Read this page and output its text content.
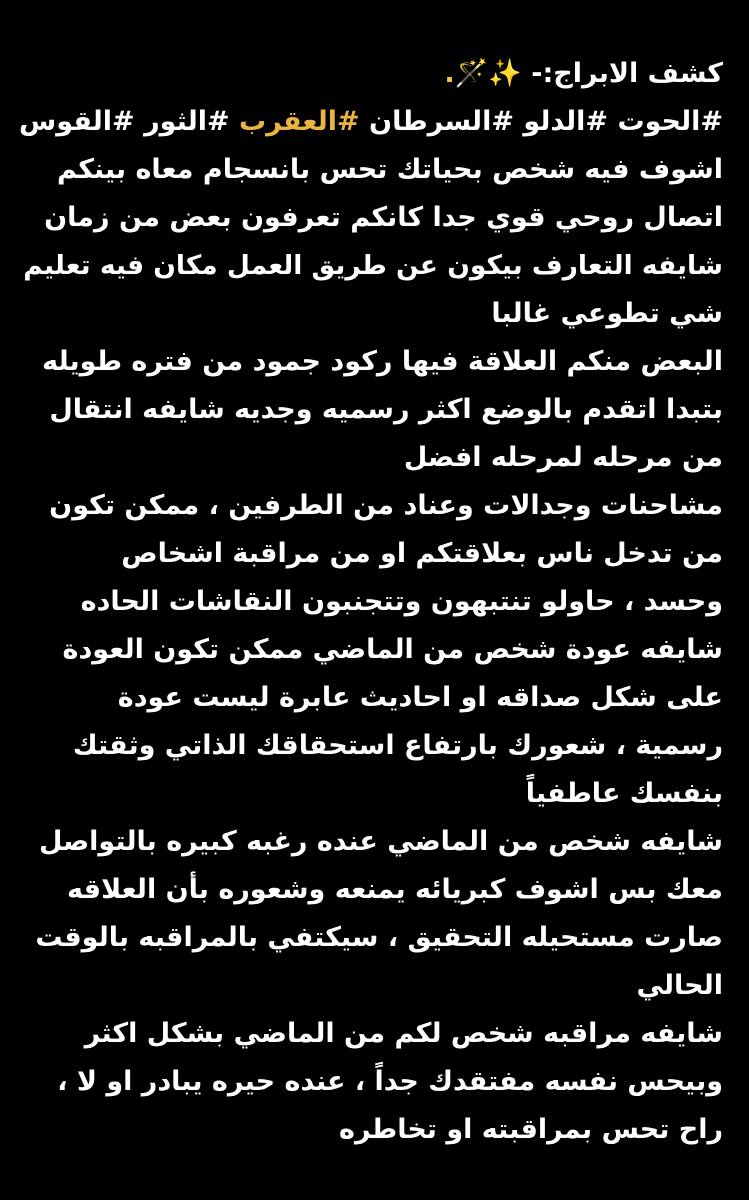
كشف الابراج:- ✨🪄.
#الحوت #الدلو #السرطان #العقرب #الثور #القوس
اشوف فيه شخص بحياتك تحس بانسجام معاه بينكم
اتصال روحي قوي جدا كانكم تعرفون بعض من زمان
شايفه التعارف بيكون عن طريق العمل مكان فيه تعليم
شي تطوعي غالبا
البعض منكم العلاقة فيها ركود جمود من فتره طويله
بتبدا اتقدم بالوضع اكثر رسميه وجديه شايفه انتقال
من مرحله لمرحله افضل
مشاحنات وجدالات وعناد من الطرفين ، ممكن تكون
من تدخل ناس بعلاقتكم او من مراقبة اشخاص
وحسد ، حاولو تنتبهون وتتجنبون النقاشات الحاده
شايفه عودة شخص من الماضي ممكن تكون العودة
على شكل صداقه او احاديث عابرة ليست عودة
رسمية ، شعورك بارتفاع استحقاقك الذاتي وثقتك
بنفسك عاطفياً
شايفه شخص من الماضي عنده رغبه كبيره بالتواصل
معك بس اشوف كبريائه يمنعه وشعوره بأن العلاقه
صارت مستحيله التحقيق ، سيكتفي بالمراقبه بالوقت
الحالي
شايفه مراقبه شخص لكم من الماضي بشكل اكثر
وبيحس نفسه مفتقدك جداً ، عنده حيره يبادر او لا ،
راح تحس بمراقبته او تخاطره
